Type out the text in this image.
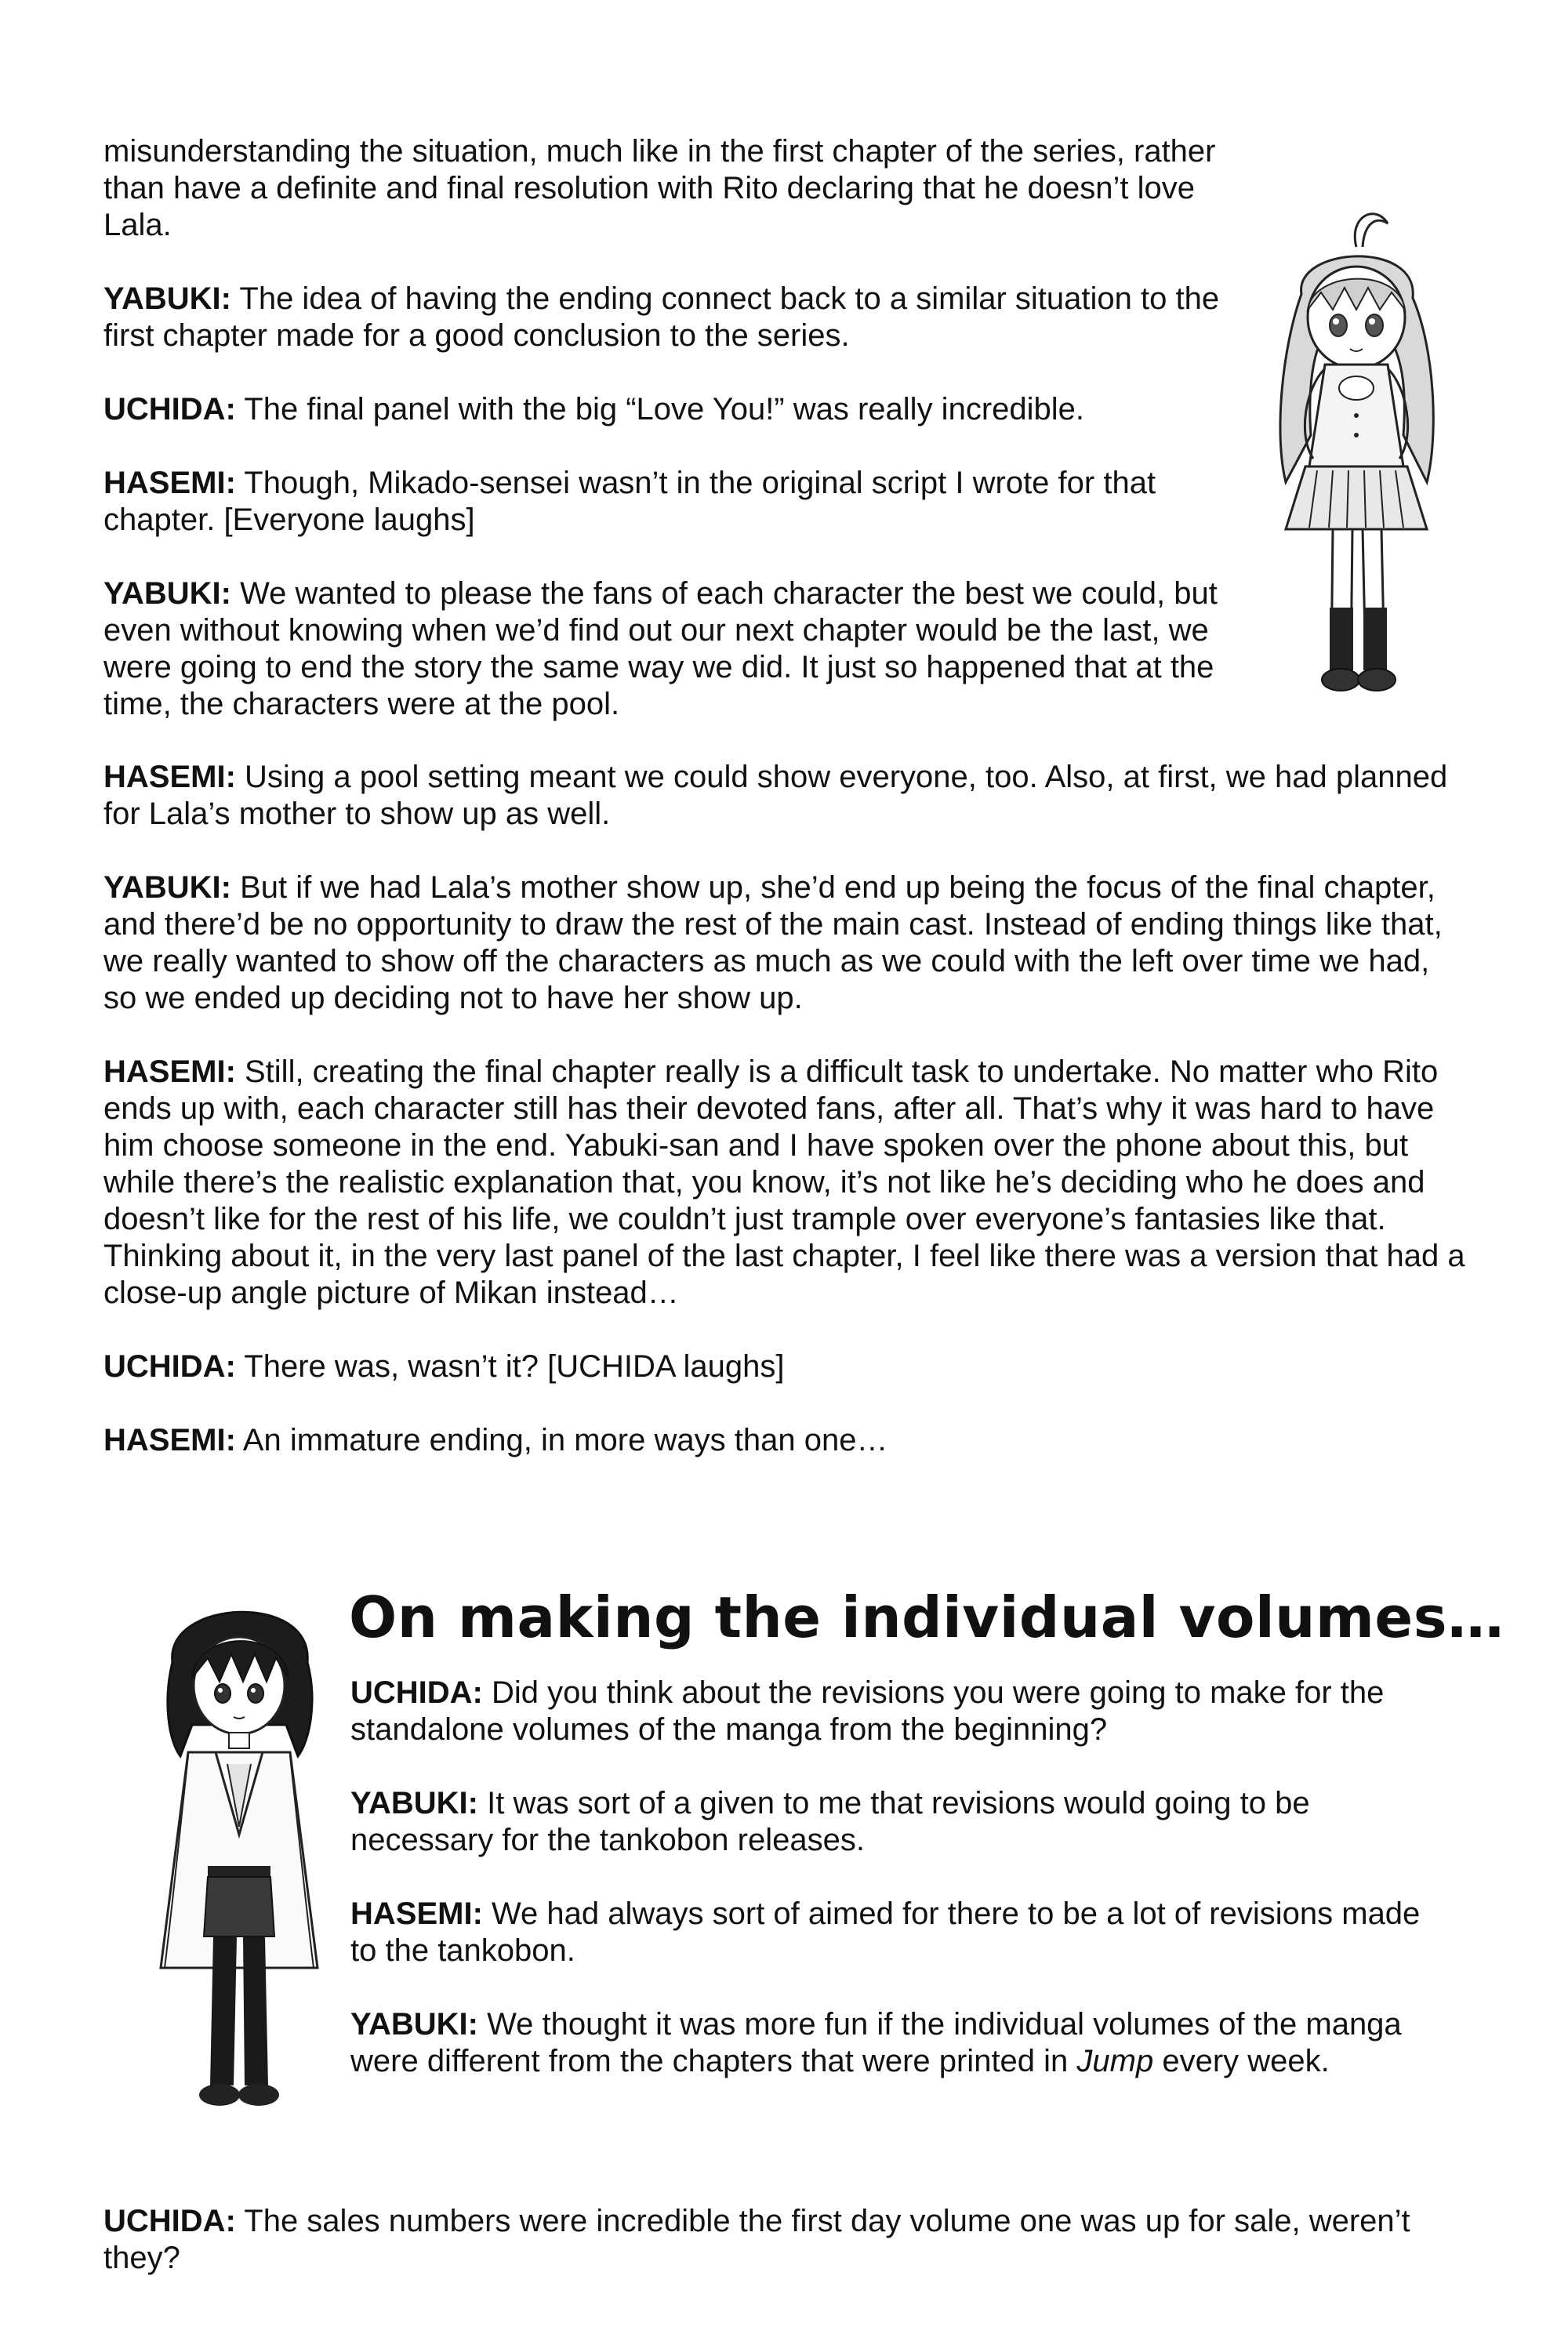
misunderstanding the situation, much like in the first chapter of the series, rather than have a definite and final resolution with Rito declaring that he doesn’t love Lala.

YABUKI: The idea of having the ending connect back to a similar situation to the first chapter made for a good conclusion to the series.

UCHIDA: The final panel with the big “Love You!” was really incredible.

HASEMI: Though, Mikado-sensei wasn’t in the original script I wrote for that chapter. [Everyone laughs]

YABUKI: We wanted to please the fans of each character the best we could, but even without knowing when we’d find out our next chapter would be the last, we were going to end the story the same way we did. It just so happened that at the time, the characters were at the pool.

HASEMI: Using a pool setting meant we could show everyone, too. Also, at first, we had planned for Lala’s mother to show up as well.

YABUKI: But if we had Lala’s mother show up, she’d end up being the focus of the final chapter, and there’d be no opportunity to draw the rest of the main cast. Instead of ending things like that, we really wanted to show off the characters as much as we could with the left over time we had, so we ended up deciding not to have her show up.

HASEMI: Still, creating the final chapter really is a difficult task to undertake. No matter who Rito ends up with, each character still has their devoted fans, after all. That’s why it was hard to have him choose someone in the end. Yabuki-san and I have spoken over the phone about this, but while there’s the realistic explanation that, you know, it’s not like he’s deciding who he does and doesn’t like for the rest of his life, we couldn’t just trample over everyone’s fantasies like that. Thinking about it, in the very last panel of the last chapter, I feel like there was a version that had a close-up angle picture of Mikan instead…

UCHIDA: There was, wasn’t it? [UCHIDA laughs]

HASEMI: An immature ending, in more ways than one…

On making the individual volumes…

UCHIDA: Did you think about the revisions you were going to make for the standalone volumes of the manga from the beginning?

YABUKI: It was sort of a given to me that revisions would going to be necessary for the tankobon releases.

HASEMI: We had always sort of aimed for there to be a lot of revisions made to the tankobon.

YABUKI: We thought it was more fun if the individual volumes of the manga were different from the chapters that were printed in Jump every week.

UCHIDA: The sales numbers were incredible the first day volume one was up for sale, weren’t they?
